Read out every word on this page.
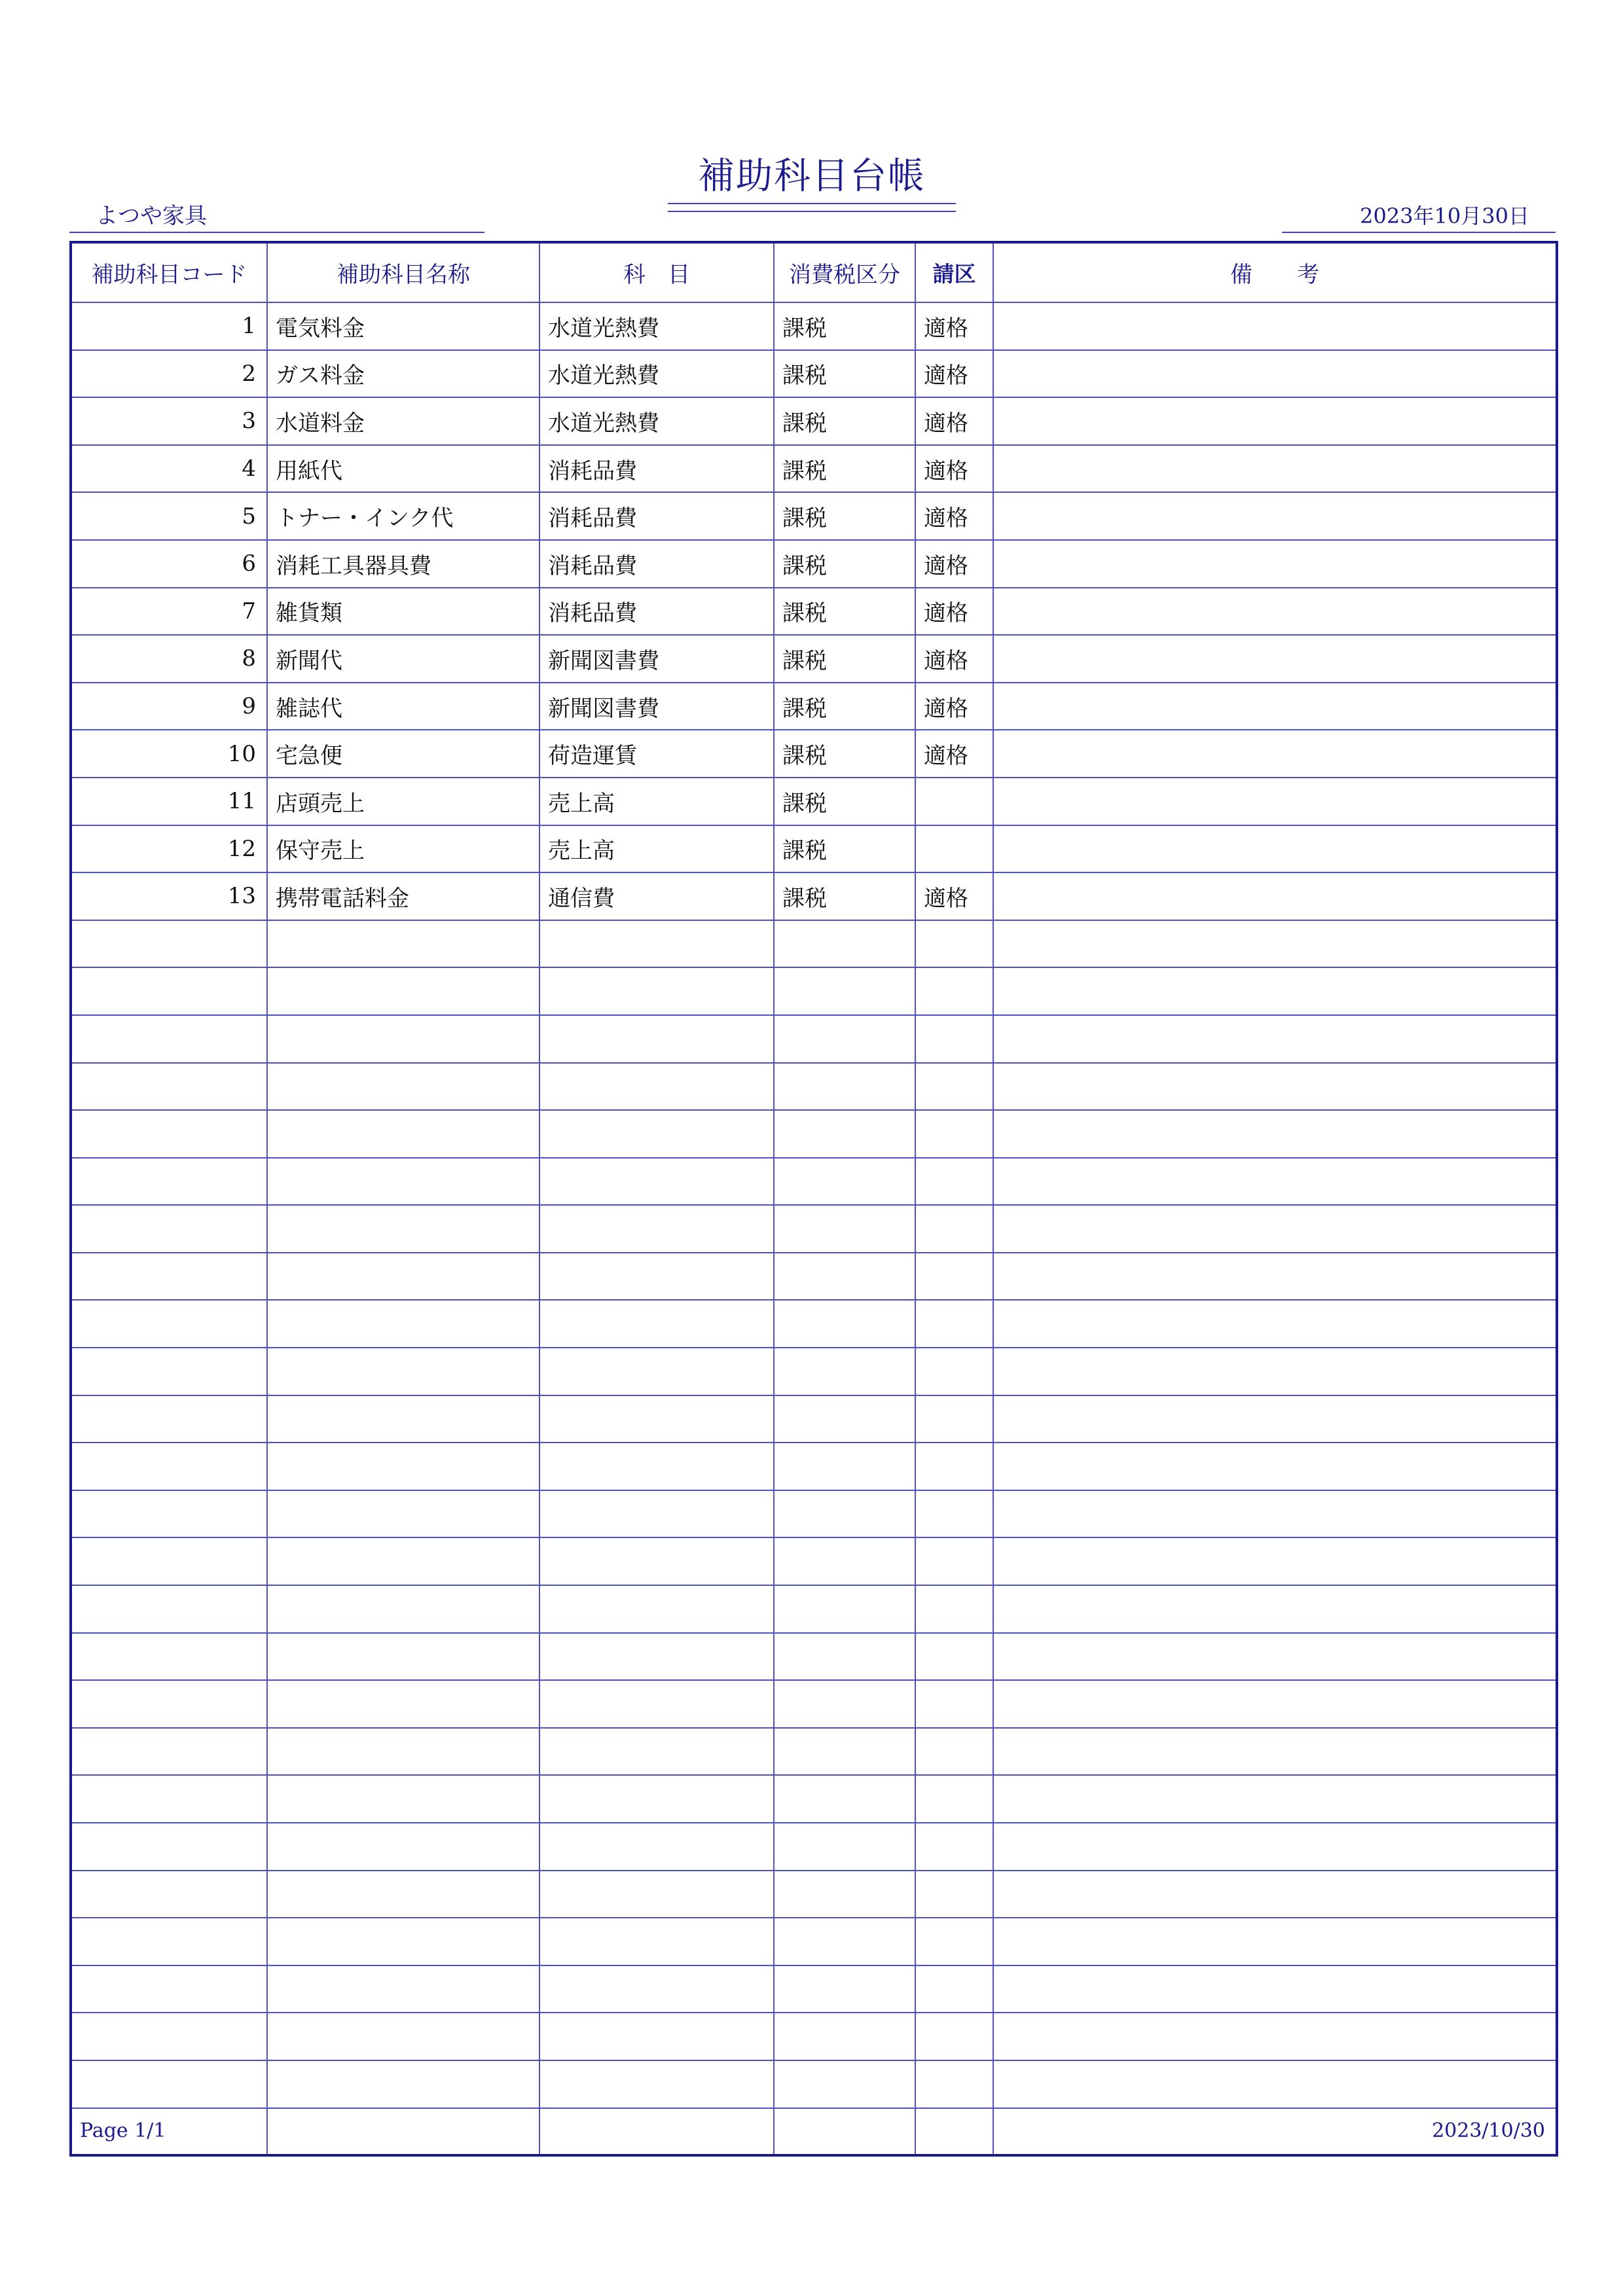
補助科目台帳
よつや家具	2023年10月30日
補助科目コード	補助科目名称	科　目	消費税区分	請区	備　　考
1	電気料金	水道光熱費	課税	適格	
2	ガス料金	水道光熱費	課税	適格	
3	水道料金	水道光熱費	課税	適格	
4	用紙代	消耗品費	課税	適格	
5	トナー・インク代	消耗品費	課税	適格	
6	消耗工具器具費	消耗品費	課税	適格	
7	雑貨類	消耗品費	課税	適格	
8	新聞代	新聞図書費	課税	適格	
9	雑誌代	新聞図書費	課税	適格	
10	宅急便	荷造運賃	課税	適格	
11	店頭売上	売上高	課税		
12	保守売上	売上高	課税		
13	携帯電話料金	通信費	課税	適格	

Page 1/1	2023/10/30
